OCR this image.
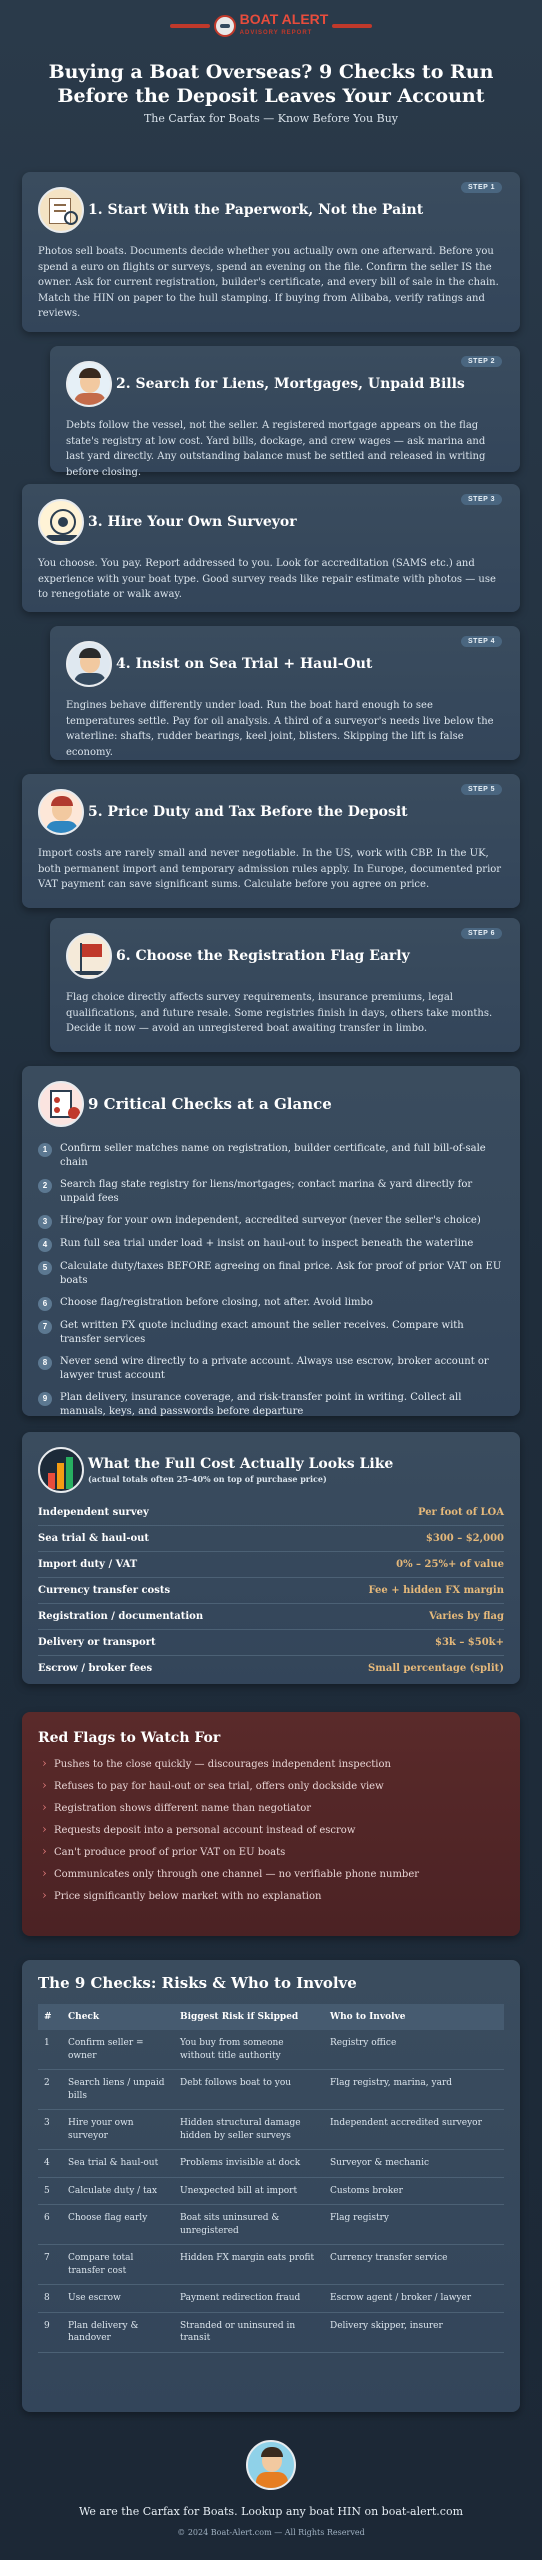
BOAT ALERT
ADVISORY REPORT
Buying a Boat Overseas? 9 Checks to Run Before the Deposit Leaves Your Account

The Carfax for Boats — Know Before You Buy

STEP 1
1. Start With the Paperwork, Not the Paint

Photos sell boats. Documents decide whether you actually own one afterward. Before you spend a euro on flights or surveys, spend an evening on the file. Confirm the seller IS the owner. Ask for current registration, builder's certificate, and every bill of sale in the chain. Match the HIN on paper to the hull stamping. If buying from Alibaba, verify ratings and reviews.

STEP 2
2. Search for Liens, Mortgages, Unpaid Bills

Debts follow the vessel, not the seller. A registered mortgage appears on the flag state's registry at low cost. Yard bills, dockage, and crew wages — ask marina and last yard directly. Any outstanding balance must be settled and released in writing before closing.

STEP 3
3. Hire Your Own Surveyor

You choose. You pay. Report addressed to you. Look for accreditation (SAMS etc.) and experience with your boat type. Good survey reads like repair estimate with photos — use to renegotiate or walk away.

STEP 4
4. Insist on Sea Trial + Haul-Out

Engines behave differently under load. Run the boat hard enough to see temperatures settle. Pay for oil analysis. A third of a surveyor's needs live below the waterline: shafts, rudder bearings, keel joint, blisters. Skipping the lift is false economy.

STEP 5
5. Price Duty and Tax Before the Deposit

Import costs are rarely small and never negotiable. In the US, work with CBP. In the UK, both permanent import and temporary admission rules apply. In Europe, documented prior VAT payment can save significant sums. Calculate before you agree on price.

STEP 6
6. Choose the Registration Flag Early

Flag choice directly affects survey requirements, insurance premiums, legal qualifications, and future resale. Some registries finish in days, others take months. Decide it now — avoid an unregistered boat awaiting transfer in limbo.

9 Critical Checks at a Glance
1	Confirm seller matches name on registration, builder certificate, and full bill-of-sale chain
2	Search flag state registry for liens/mortgages; contact marina & yard directly for unpaid fees
3	Hire/pay for your own independent, accredited surveyor (never the seller's choice)
4	Run full sea trial under load + insist on haul-out to inspect beneath the waterline
5	Calculate duty/taxes BEFORE agreeing on final price. Ask for proof of prior VAT on EU boats
6	Choose flag/registration before closing, not after. Avoid limbo
7	Get written FX quote including exact amount the seller receives. Compare with transfer services
8	Never send wire directly to a private account. Always use escrow, broker account or lawyer trust account
9	Plan delivery, insurance coverage, and risk-transfer point in writing. Collect all manuals, keys, and passwords before departure
What the Full Cost Actually Looks Like
(actual totals often 25–40% on top of purchase price)
Independent survey	Per foot of LOA
Sea trial & haul-out	$300 – $2,000
Import duty / VAT	0% – 25%+ of value
Currency transfer costs	Fee + hidden FX margin
Registration / documentation	Varies by flag
Delivery or transport	$3k – $50k+
Escrow / broker fees	Small percentage (split)
Red Flags to Watch For
› Pushes to the close quickly — discourages independent inspection
› Refuses to pay for haul-out or sea trial, offers only dockside view
› Registration shows different name than negotiator
› Requests deposit into a personal account instead of escrow
› Can't produce proof of prior VAT on EU boats
› Communicates only through one channel — no verifiable phone number
› Price significantly below market with no explanation
The 9 Checks: Risks & Who to Involve
#	Check	Biggest Risk if Skipped	Who to Involve
1	Confirm seller = owner	You buy from someone without title authority	Registry office
2	Search liens / unpaid bills	Debt follows boat to you	Flag registry, marina, yard
3	Hire your own surveyor	Hidden structural damage hidden by seller surveys	Independent accredited surveyor
4	Sea trial & haul-out	Problems invisible at dock	Surveyor & mechanic
5	Calculate duty / tax	Unexpected bill at import	Customs broker
6	Choose flag early	Boat sits uninsured & unregistered	Flag registry
7	Compare total transfer cost	Hidden FX margin eats profit	Currency transfer service
8	Use escrow	Payment redirection fraud	Escrow agent / broker / lawyer
9	Plan delivery & handover	Stranded or uninsured in transit	Delivery skipper, insurer

We are the Carfax for Boats. Lookup any boat HIN on boat-alert.com

© 2024 Boat-Alert.com — All Rights Reserved
